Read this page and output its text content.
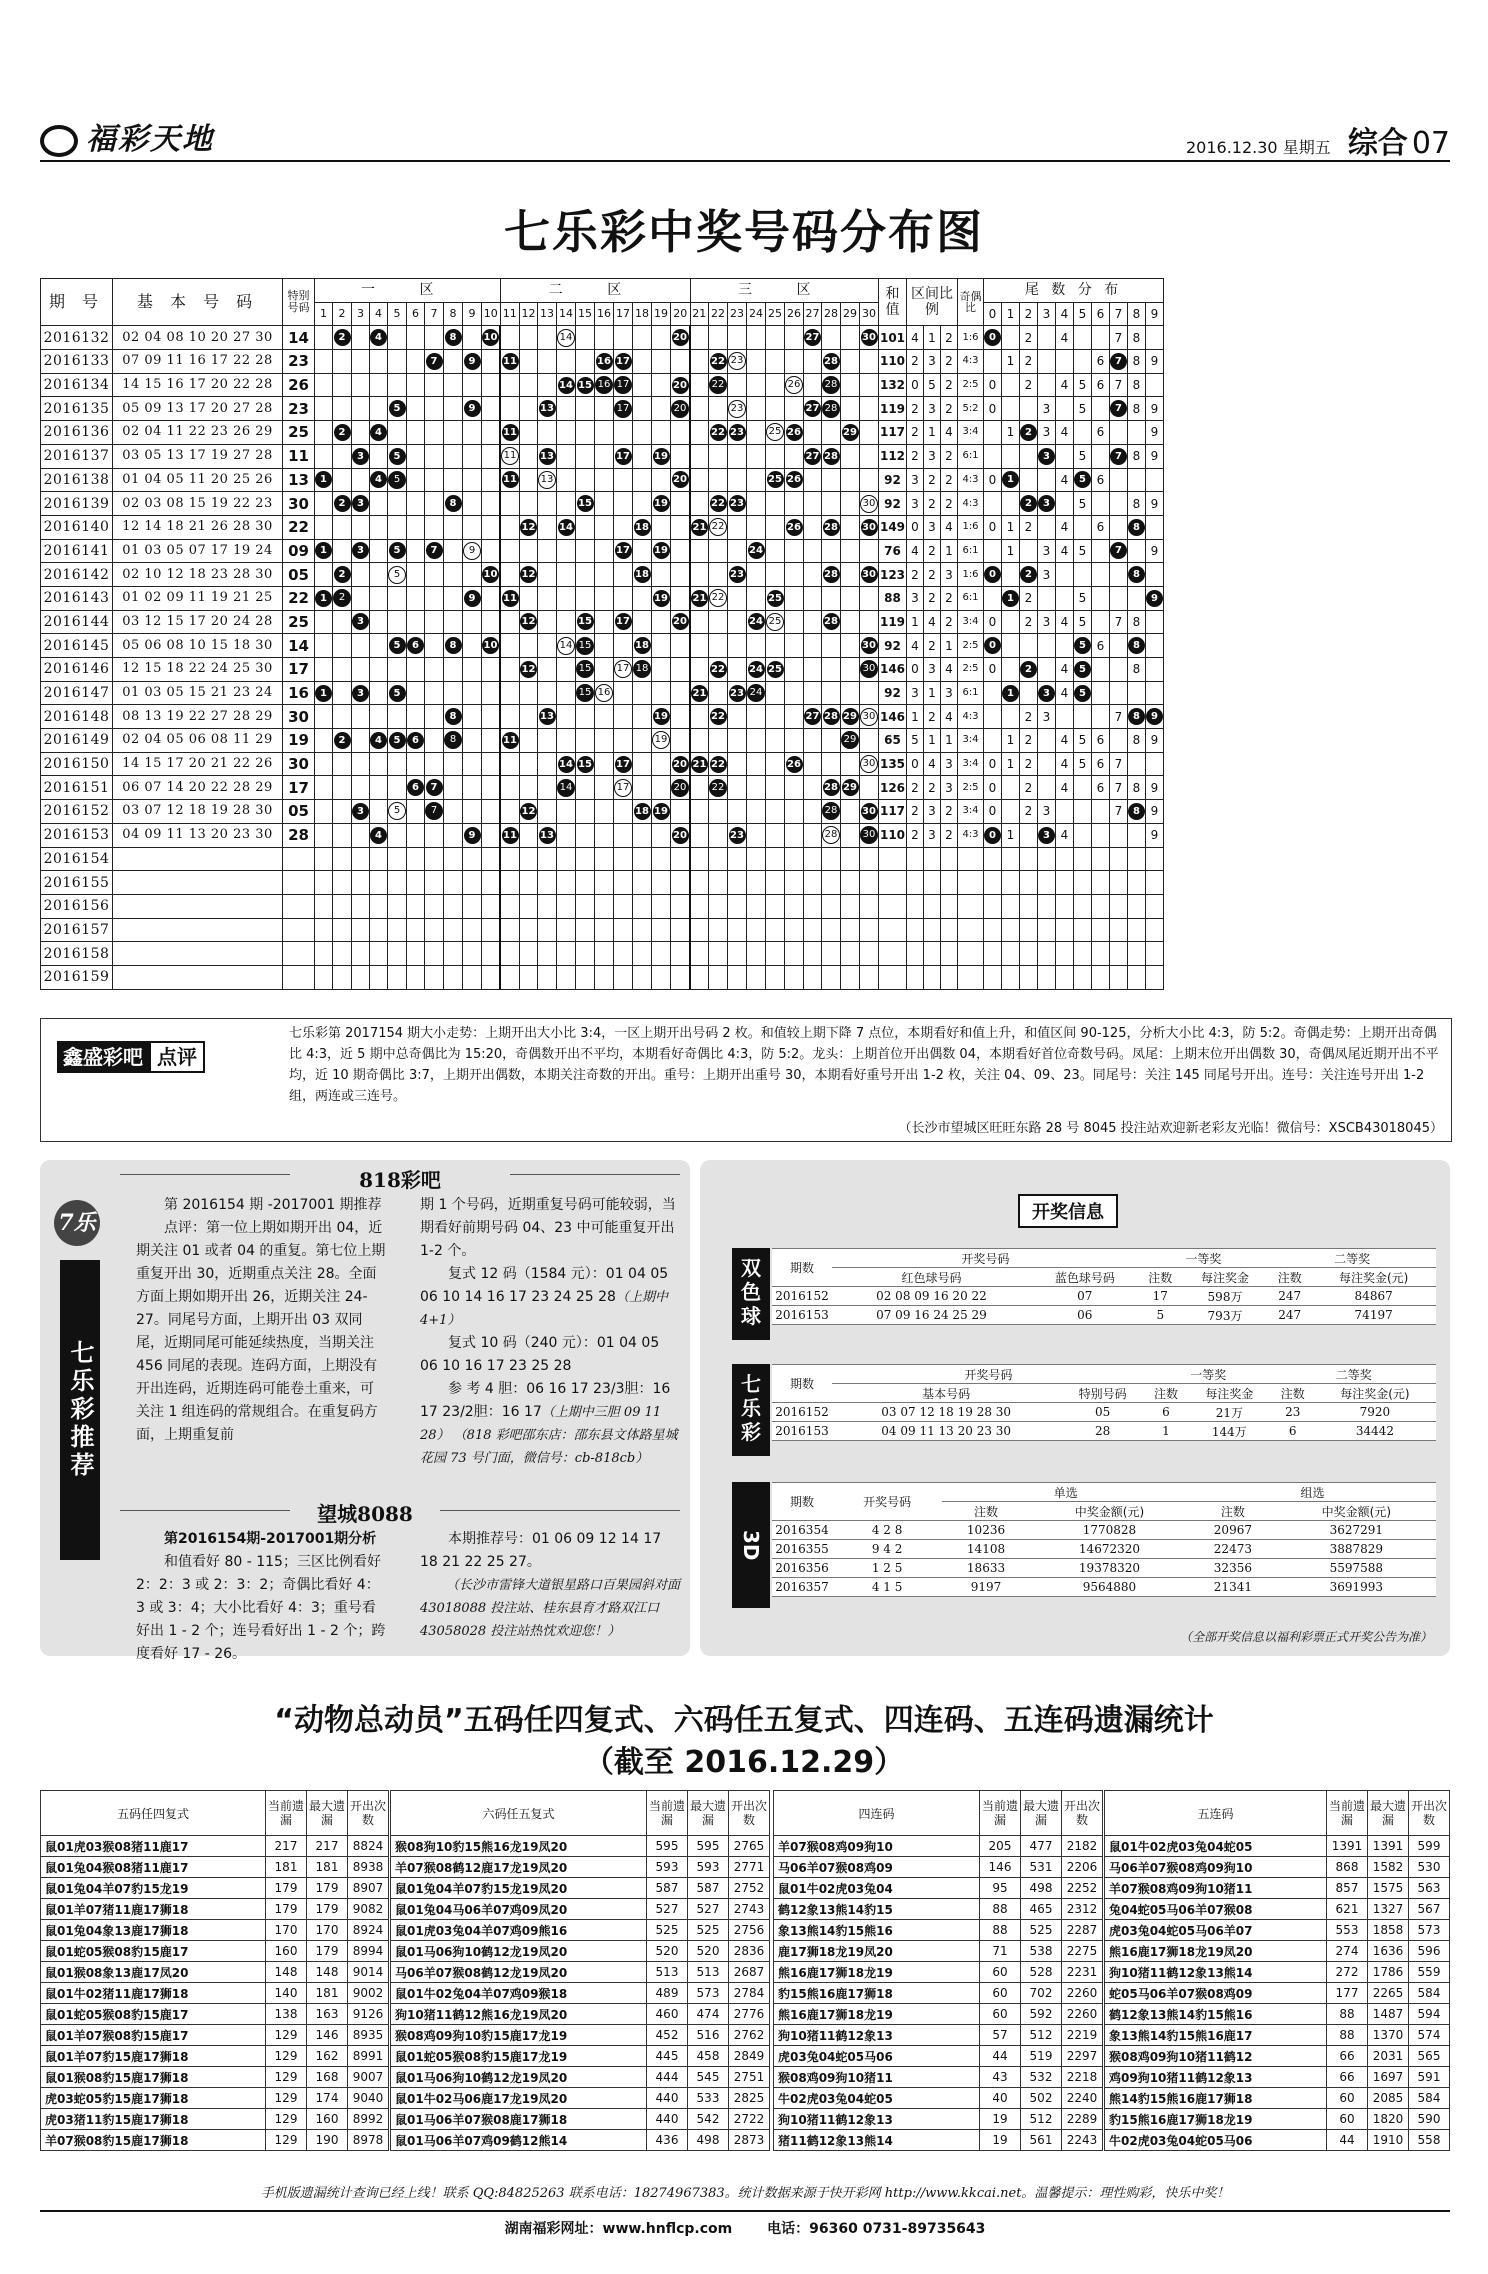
福彩天地	2016.12.30 星期五 综合 07
七乐彩中奖号码分布图
期 号	基 本 号 码	特别号码	一 区										二 区										三 区										和值	区间比例			奇偶比	尾 数 分 布									
			1	2	3	4	5	6	7	8	9	10	11	12	13	14	15	16	17	18	19	20	21	22	23	24	25	26	27	28	29	30						0	1	2	3	4	5	6	7	8	9
2016132	02 04 08 10 20 27 30	14		2		4				8		10				14						20							27			30	101	4	1	2	1:6	0		2		4			7	8	
2016133	07 09 11 16 17 22 28	23							7		9		11					16	17					22	23					28			110	2	3	2	4:3		1	2				6	7	8	9
2016134	14 15 16 17 20 22 28	26														14	15	16	17			20		22				26		28			132	0	5	2	2:5	0		2		4	5	6	7	8	
2016135	05 09 13 17 20 27 28	23					5				9				13				17			20			23				27	28			119	2	3	2	5:2	0			3		5		7	8	9
2016136	02 04 11 22 23 26 29	25		2		4							11											22	23		25	26			29		117	2	1	4	3:4		1	2	3	4		6			9
2016137	03 05 13 17 19 27 28	11			3		5						11		13				17		19								27	28			112	2	3	2	6:1				3		5		7	8	9
2016138	01 04 05 11 20 25 26	13	1			4	5						11		13							20					25	26					92	3	2	2	4:3	0	1			4	5	6			
2016139	02 03 08 15 19 22 23	30		2	3					8							15				19			22	23							30	92	3	2	2	4:3			2	3		5			8	9
2016140	12 14 18 21 26 28 30	22												12		14				18			21	22				26		28		30	149	0	3	4	1:6	0	1	2		4		6		8	
2016141	01 03 05 07 17 19 24	09	1		3		5		7		9								17		19					24							76	4	2	1	6:1		1		3	4	5		7		9
2016142	02 10 12 18 23 28 30	05		2			5					10		12						18					23					28		30	123	2	2	3	1:6	0		2	3					8	
2016143	01 02 09 11 19 21 25	22	1	2							9		11								19		21	22			25						88	3	2	2	6:1		1	2			5				9
2016144	03 12 15 17 20 24 28	25			3									12			15		17			20				24	25			28			119	1	4	2	3:4	0		2	3	4	5		7	8	
2016145	05 06 08 10 15 18 30	14					5	6		8		10				14	15			18												30	92	4	2	1	2:5	0					5	6		8	
2016146	12 15 18 22 24 25 30	17												12			15		17	18				22		24	25					30	146	0	3	4	2:5	0		2		4	5			8	
2016147	01 03 05 15 21 23 24	16	1		3		5										15	16					21		23	24							92	3	1	3	6:1		1		3	4	5				
2016148	08 13 19 22 27 28 29	30								8					13						19			22					27	28	29	30	146	1	2	4	4:3			2	3				7	8	9
2016149	02 04 05 06 08 11 29	19		2		4	5	6		8			11								19										29		65	5	1	1	3:4		1	2		4	5	6		8	9
2016150	14 15 17 20 21 22 26	30														14	15		17			20	21	22				26				30	135	0	4	3	3:4	0	1	2		4	5	6	7		
2016151	06 07 14 20 22 28 29	17						6	7							14			17			20		22						28	29		126	2	2	3	2:5	0		2		4		6	7	8	9
2016152	03 07 12 18 19 28 30	05			3		5		7					12						18	19									28		30	117	2	3	2	3:4	0		2	3				7	8	9
2016153	04 09 11 13 20 23 30	28				4					9		11		13							20			23					28		30	110	2	3	2	4:3	0	1		3	4					9
2016154																																															
2016155																																															
2016156																																															
2016157																																															
2016158																																															
2016159																																															
鑫盛彩吧 点评
七乐彩第 2017154 期大小走势：上期开出大小比 3:4，一区上期开出号码 2 枚。和值较上期下降 7 点位，本期看好和值上升，和值区间 90-125，分析大小比 4:3，防 5:2。奇偶走势：上期开出奇偶比 4:3，近 5 期中总奇偶比为 15:20，奇偶数开出不平均，本期看好奇偶比 4:3，防 5:2。龙头：上期首位开出偶数 04，本期看好首位奇数号码。凤尾：上期末位开出偶数 30，奇偶凤尾近期开出不平均，近 10 期奇偶比 3:7，上期开出偶数，本期关注奇数的开出。重号：上期开出重号 30，本期看好重号开出 1-2 枚，关注 04、09、23。同尾号：关注 145 同尾号开出。连号：关注连号开出 1-2 组，两连或三连号。
（长沙市望城区旺旺东路 28 号 8045 投注站欢迎新老彩友光临！微信号：XSCB43018045）
7乐
七乐彩推荐
818彩吧
第 2016154 期 -2017001 期推荐
点评：第一位上期如期开出 04，近期关注 01 或者 04 的重复。第七位上期重复开出 30，近期重点关注 28。全面方面上期如期开出 26，近期关注 24-27。同尾号方面，上期开出 03 双同尾，近期同尾可能延续热度，当期关注 456 同尾的表现。连码方面，上期没有开出连码，近期连码可能卷土重来，可关注 1 组连码的常规组合。在重复码方面，上期重复前
期 1 个号码，近期重复号码可能较弱，当期看好前期号码 04、23 中可能重复开出 1-2 个。
复式 12 码（1584 元）：01 04 05 06 10 14 16 17 23 24 25 28（上期中 4+1）
复式 10 码（240 元）：01 04 05 06 10 16 17 23 25 28
参 考 4 胆：06 16 17 23/3胆：16 17 23/2胆：16 17（上期中三胆 09 11 28） （818 彩吧邵东店：邵东县文体路星城花园 73 号门面，微信号：cb-818cb）
望城8088
第2016154期-2017001期分析
和值看好 80 - 115；三区比例看好 2：2：3 或 2：3：2；奇偶比看好 4：3 或 3：4；大小比看好 4：3；重号看好出 1 - 2 个；连号看好出 1 - 2 个；跨度看好 17 - 26。
本期推荐号：01 06 09 12 14 17 18 21 22 25 27。
（长沙市雷锋大道银星路口百果园斜对面 43018088 投注站、桂东县育才路双江口 43058028 投注站热忱欢迎您！）
开奖信息
双色球
期数	开奖号码		一等奖		二等奖	
	红色球号码	蓝色球号码	注数	每注奖金	注数	每注奖金(元)
2016152	02 08 09 16 20 22	07	17	598万	247	84867
2016153	07 09 16 24 25 29	06	5	793万	247	74197
七乐彩
期数	开奖号码		一等奖		二等奖	
	基本号码	特别号码	注数	每注奖金	注数	每注奖金(元)
2016152	03 07 12 18 19 28 30	05	6	21万	23	7920
2016153	04 09 11 13 20 23 30	28	1	144万	6	34442
3D
期数	开奖号码	单选		组选	
		注数	中奖金额(元)	注数	中奖金额(元)
2016354	4 2 8	10236	1770828	20967	3627291
2016355	9 4 2	14108	14672320	22473	3887829
2016356	1 2 5	18633	19378320	32356	5597588
2016357	4 1 5	9197	9564880	21341	3691993
（全部开奖信息以福利彩票正式开奖公告为准）
“动物总动员”五码任四复式、六码任五复式、四连码、五连码遗漏统计
（截至 2016.12.29）
五码任四复式	当前遗漏	最大遗漏	开出次数
鼠01虎03猴08猪11鹿17	217	217	8824
鼠01兔04猴08猪11鹿17	181	181	8938
鼠01兔04羊07豹15龙19	179	179	8907
鼠01羊07猪11鹿17狮18	179	179	9082
鼠01兔04象13鹿17狮18	170	170	8924
鼠01蛇05猴08豹15鹿17	160	179	8994
鼠01猴08象13鹿17凤20	148	148	9014
鼠01牛02猪11鹿17狮18	140	181	9002
鼠01蛇05猴08豹15鹿17	138	163	9126
鼠01羊07猴08豹15鹿17	129	146	8935
鼠01羊07豹15鹿17狮18	129	162	8991
鼠01猴08豹15鹿17狮18	129	168	9007
虎03蛇05豹15鹿17狮18	129	174	9040
虎03猪11豹15鹿17狮18	129	160	8992
羊07猴08豹15鹿17狮18	129	190	8978
六码任五复式	当前遗漏	最大遗漏	开出次数
猴08狗10豹15熊16龙19凤20	595	595	2765
羊07猴08鹤12鹿17龙19凤20	593	593	2771
鼠01兔04羊07豹15龙19凤20	587	587	2752
鼠01兔04马06羊07鸡09凤20	527	527	2743
鼠01虎03兔04羊07鸡09熊16	525	525	2756
鼠01马06狗10鹤12龙19凤20	520	520	2836
马06羊07猴08鹤12龙19凤20	513	513	2687
鼠01牛02兔04羊07鸡09猴18	489	573	2784
狗10猪11鹤12熊16龙19凤20	460	474	2776
猴08鸡09狗10豹15鹿17龙19	452	516	2762
鼠01蛇05猴08豹15鹿17龙19	445	458	2849
鼠01马06狗10鹤12龙19凤20	444	545	2751
鼠01牛02马06鹿17龙19凤20	440	533	2825
鼠01马06羊07猴08鹿17狮18	440	542	2722
鼠01马06羊07鸡09鹤12熊14	436	498	2873
四连码	当前遗漏	最大遗漏	开出次数
羊07猴08鸡09狗10	205	477	2182
马06羊07猴08鸡09	146	531	2206
鼠01牛02虎03兔04	95	498	2252
鹤12象13熊14豹15	88	465	2312
象13熊14豹15熊16	88	525	2287
鹿17狮18龙19凤20	71	538	2275
熊16鹿17狮18龙19	60	528	2231
豹15熊16鹿17狮18	60	702	2260
熊16鹿17狮18龙19	60	592	2260
狗10猪11鹤12象13	57	512	2219
虎03兔04蛇05马06	44	519	2297
猴08鸡09狗10猪11	43	532	2218
牛02虎03兔04蛇05	40	502	2240
狗10猪11鹤12象13	19	512	2289
猪11鹤12象13熊14	19	561	2243
五连码	当前遗漏	最大遗漏	开出次数
鼠01牛02虎03兔04蛇05	1391	1391	599
马06羊07猴08鸡09狗10	868	1582	530
羊07猴08鸡09狗10猪11	857	1575	563
兔04蛇05马06羊07猴08	621	1327	567
虎03兔04蛇05马06羊07	553	1858	573
熊16鹿17狮18龙19凤20	274	1636	596
狗10猪11鹤12象13熊14	272	1786	559
蛇05马06羊07猴08鸡09	177	2265	584
鹤12象13熊14豹15熊16	88	1487	594
象13熊14豹15熊16鹿17	88	1370	574
猴08鸡09狗10猪11鹤12	66	2031	565
鸡09狗10猪11鹤12象13	66	1697	591
熊14豹15熊16鹿17狮18	60	2085	584
豹15熊16鹿17狮18龙19	60	1820	590
牛02虎03兔04蛇05马06	44	1910	558
手机版遗漏统计查询已经上线！联系 QQ:84825263 联系电话：18274967383。统计数据来源于快开彩网 http://www.kkcai.net。温馨提示：理性购彩，快乐中奖！
湖南福彩网址：www.hnflcp.com 电话：96360 0731-89735643
